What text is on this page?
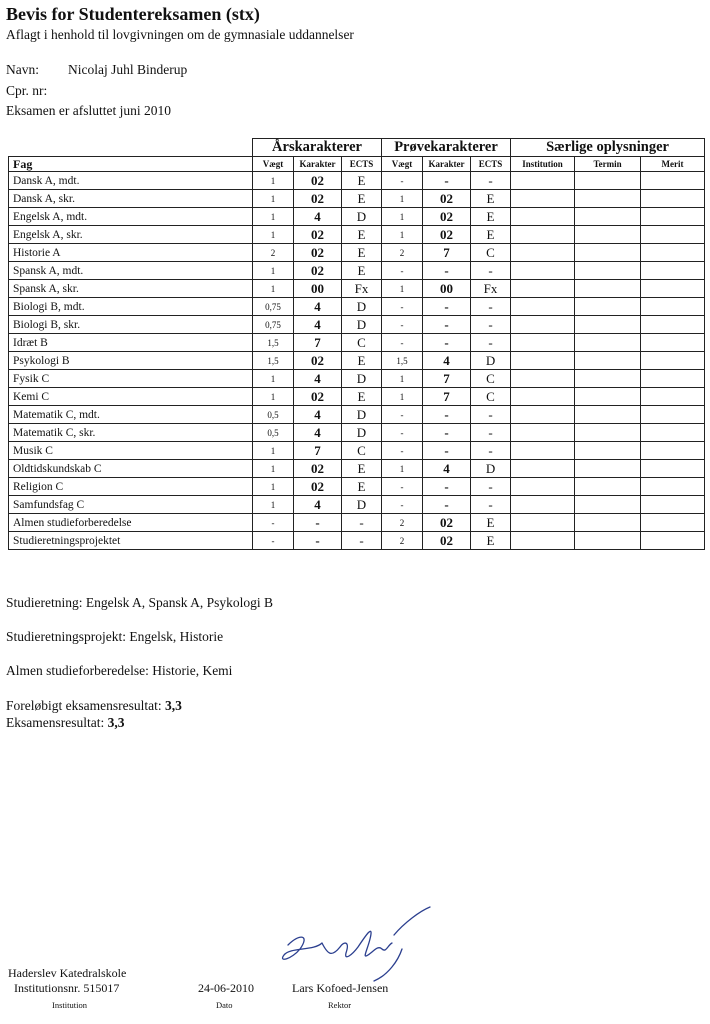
Bevis for Studentereksamen (stx)
Aflagt i henhold til lovgivningen om de gymnasiale uddannelser
Navn: Nicolaj Juhl Binderup
Cpr. nr:
Eksamen er afsluttet juni 2010
	Årskarakterer			Prøvekarakterer			Særlige oplysninger		
Fag	Vægt	Karakter	ECTS	Vægt	Karakter	ECTS	Institution	Termin	Merit
Dansk A, mdt.	1	02	E	-	-	-			
Dansk A, skr.	1	02	E	1	02	E			
Engelsk A, mdt.	1	4	D	1	02	E			
Engelsk A, skr.	1	02	E	1	02	E			
Historie A	2	02	E	2	7	C			
Spansk A, mdt.	1	02	E	-	-	-			
Spansk A, skr.	1	00	Fx	1	00	Fx			
Biologi B, mdt.	0,75	4	D	-	-	-			
Biologi B, skr.	0,75	4	D	-	-	-			
Idræt B	1,5	7	C	-	-	-			
Psykologi B	1,5	02	E	1,5	4	D			
Fysik C	1	4	D	1	7	C			
Kemi C	1	02	E	1	7	C			
Matematik C, mdt.	0,5	4	D	-	-	-			
Matematik C, skr.	0,5	4	D	-	-	-			
Musik C	1	7	C	-	-	-			
Oldtidskundskab C	1	02	E	1	4	D			
Religion C	1	02	E	-	-	-			
Samfundsfag C	1	4	D	-	-	-			
Almen studieforberedelse	-	-	-	2	02	E			
Studieretningsprojektet	-	-	-	2	02	E			
Studieretning: Engelsk A, Spansk A, Psykologi B
Studieretningsprojekt: Engelsk, Historie
Almen studieforberedelse: Historie, Kemi
Foreløbigt eksamensresultat: 3,3
Eksamensresultat: 3,3
Haderslev Katedralskole
Institutionsnr. 515017
Institution
24-06-2010
Dato
Lars Kofoed-Jensen
Rektor
